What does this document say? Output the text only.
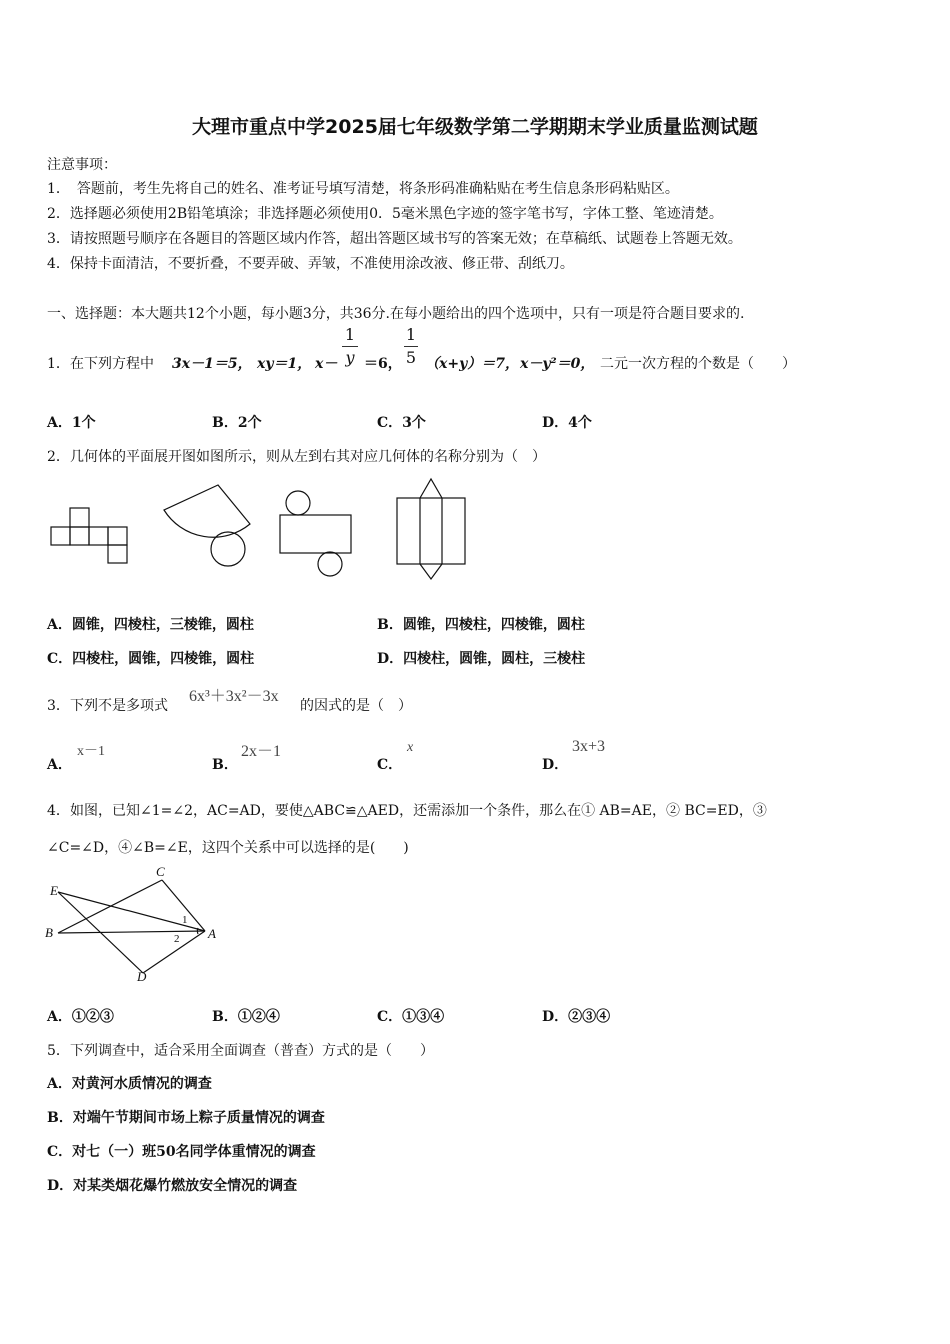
大理市重点中学2025届七年级数学第二学期期末学业质量监测试题
注意事项：
1．　答题前，考生先将自己的姓名、准考证号填写清楚，将条形码准确粘贴在考生信息条形码粘贴区。
2．选择题必须使用2B铅笔填涂；非选择题必须使用0．5毫米黑色字迹的签字笔书写，字体工整、笔迹清楚。
3．请按照题号顺序在各题目的答题区域内作答，超出答题区域书写的答案无效；在草稿纸、试题卷上答题无效。
4．保持卡面清洁，不要折叠，不要弄破、弄皱，不准使用涂改液、修正带、刮纸刀。
一、选择题：本大题共12个小题，每小题3分，共36分.在每小题给出的四个选项中，只有一项是符合题目要求的.
1． 在下列方程中 3x－1＝5， xy＝1， x－
1
y ＝6，
1
5 （x+y）＝7， x－y²＝0， 二元一次方程的个数是（　　）
A．1个	B．2个	C．3个	D．4个
2． 几何体的平面展开图如图所示，则从左到右其对应几何体的名称分别为（　）
A．圆锥，四棱柱，三棱锥，圆柱	B．圆锥，四棱柱，四棱锥，圆柱
C．四棱柱，圆锥，四棱锥，圆柱	D．四棱柱，圆锥，圆柱，三棱柱
3． 下列不是多项式
6x³＋3x²－3x
的因式的是（　）
A．
x－1
B．
2x－1
C．
x
D．
3x+3
4． 如图，已知∠1=∠2，AC=AD，要使△ABC≌△AED，还需添加一个条件，那么在① AB=AE，② BC=ED，③
∠C=∠D，④∠B=∠E，这四个关系中可以选择的是(　　)
E
C
B	A
D
1
2
A．①②③	B．①②④	C．①③④	D．②③④
5． 下列调查中，适合采用全面调查（普查）方式的是（　　）
A．对黄河水质情况的调查
B．对端午节期间市场上粽子质量情况的调查
C．对七（一）班50名同学体重情况的调查
D．对某类烟花爆竹燃放安全情况的调查
